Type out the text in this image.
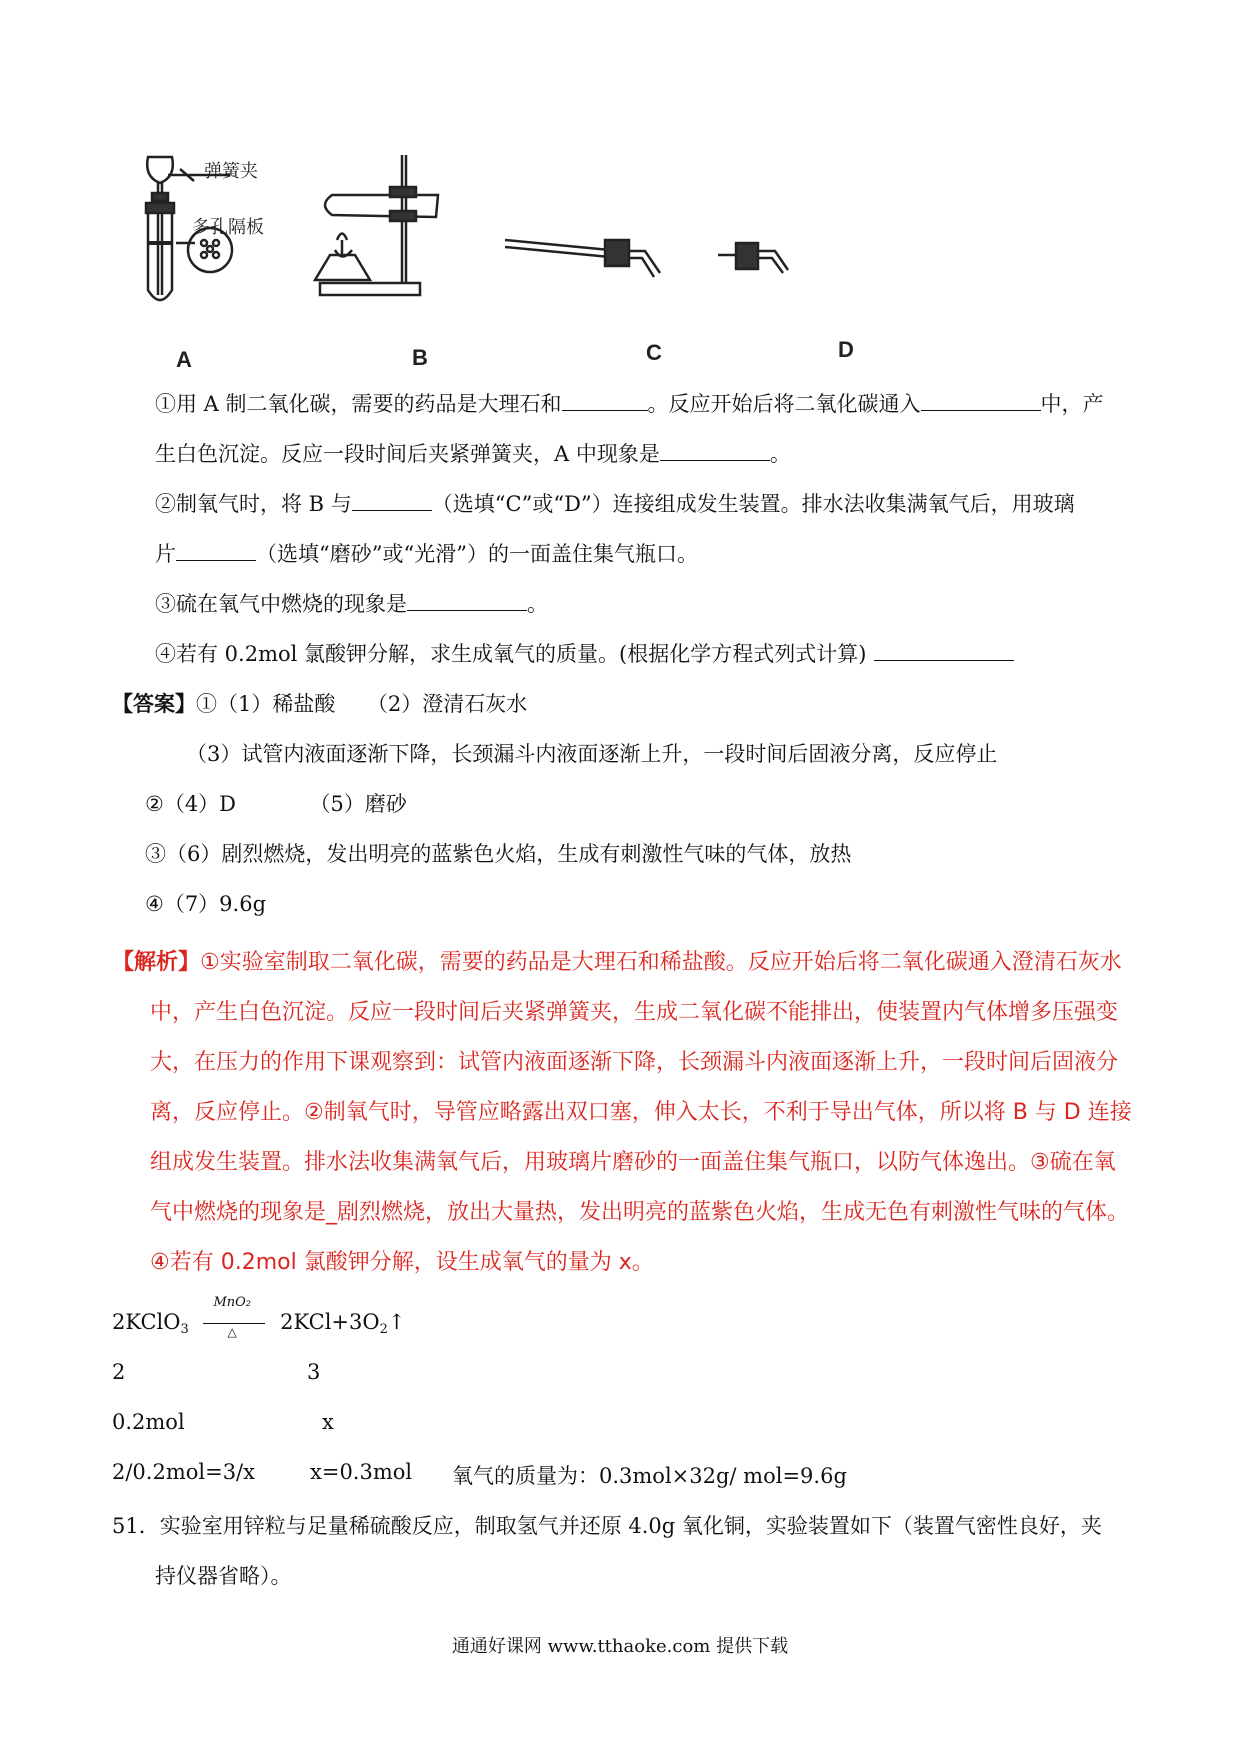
弹簧夹
多孔隔板
A	B	C	D
①用 A 制二氧化碳，需要的药品是大理石和	。反应开始后将二氧化碳通入	中，产
生白色沉淀。反应一段时间后夹紧弹簧夹，A 中现象是	。
②制氧气时，将 B 与	（选填“C”或“D”）连接组成发生装置。排水法收集满氧气后，用玻璃
片	（选填“磨砂”或“光滑”）的一面盖住集气瓶口。
③硫在氧气中燃烧的现象是	。
④若有 0.2mol 氯酸钾分解，求生成氧气的质量。(根据化学方程式列式计算)
【答案】①（1）稀盐酸　　（2）澄清石灰水
（3）试管内液面逐渐下降，长颈漏斗内液面逐渐上升，一段时间后固液分离，反应停止
②（4）D　　　　（5）磨砂
③（6）剧烈燃烧，发出明亮的蓝紫色火焰，生成有刺激性气味的气体，放热
④（7）9.6g
【解析】①实验室制取二氧化碳，需要的药品是大理石和稀盐酸。反应开始后将二氧化碳通入澄清石灰水
中，产生白色沉淀。反应一段时间后夹紧弹簧夹，生成二氧化碳不能排出，使装置内气体增多压强变
大，在压力的作用下课观察到：试管内液面逐渐下降，长颈漏斗内液面逐渐上升，一段时间后固液分
离，反应停止。②制氧气时，导管应略露出双口塞，伸入太长，不利于导出气体，所以将 B 与 D 连接
组成发生装置。排水法收集满氧气后，用玻璃片磨砂的一面盖住集气瓶口，以防气体逸出。③硫在氧
气中燃烧的现象是_剧烈燃烧，放出大量热，发出明亮的蓝紫色火焰，生成无色有刺激性气味的气体。
④若有 0.2mol 氯酸钾分解，设生成氧气的量为 x。
2KClO$_3$
MnO₂
△ $2KCl+3O_2↑$
2	3
0.2mol	x
2/0.2mol=3/x	x=0.3mol 氧气的质量为：0.3mol×32g/ mol=9.6g
51．实验室用锌粒与足量稀硫酸反应，制取氢气并还原 4.0g 氧化铜，实验装置如下（装置气密性良好，夹
持仪器省略）。
通通好课网 www.tthaoke.com 提供下载
